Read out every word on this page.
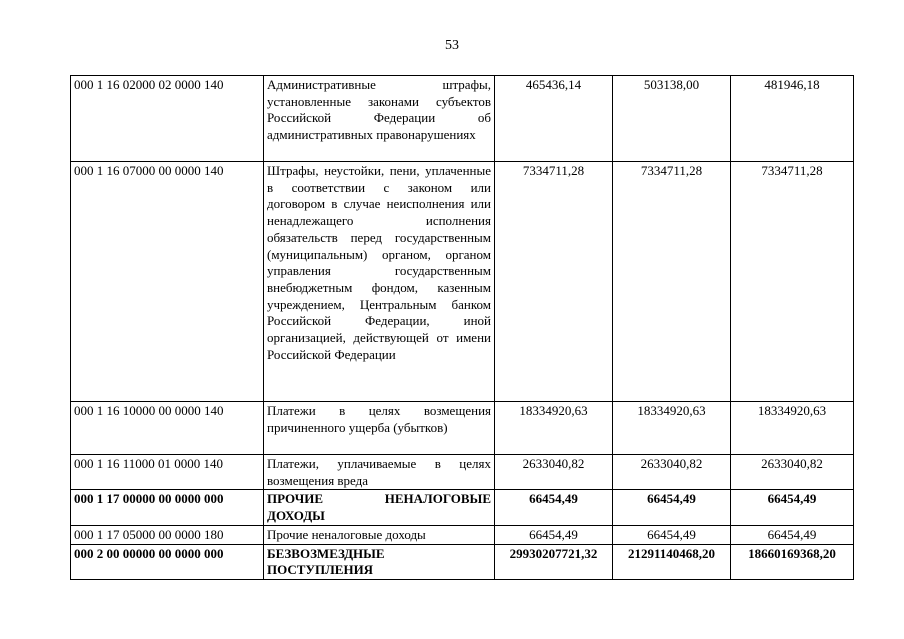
53
000 1 16 02000 02 0000 140	Административные штрафы, установленные законами субъектов Российской Федерации об административных правонарушениях	465436,14	503138,00	481946,18
000 1 16 07000 00 0000 140	Штрафы, неустойки, пени, уплаченные в соответствии с законом или договором в случае неисполнения или ненадлежащего исполнения обязательств перед государственным (муниципальным) органом, органом управления государственным внебюджетным фондом, казенным учреждением, Центральным банком Российской Федерации, иной организацией, действующей от имени Российской Федерации	7334711,28	7334711,28	7334711,28
000 1 16 10000 00 0000 140	Платежи в целях возмещения причиненного ущерба (убытков)	18334920,63	18334920,63	18334920,63
000 1 16 11000 01 0000 140	Платежи, уплачиваемые в целях возмещения вреда	2633040,82	2633040,82	2633040,82
000 1 17 00000 00 0000 000	ПРОЧИЕ НЕНАЛОГОВЫЕ ДОХОДЫ	66454,49	66454,49	66454,49
000 1 17 05000 00 0000 180	Прочие неналоговые доходы	66454,49	66454,49	66454,49
000 2 00 00000 00 0000 000	БЕЗВОЗМЕЗДНЫЕ ПОСТУПЛЕНИЯ	29930207721,32	21291140468,20	18660169368,20
